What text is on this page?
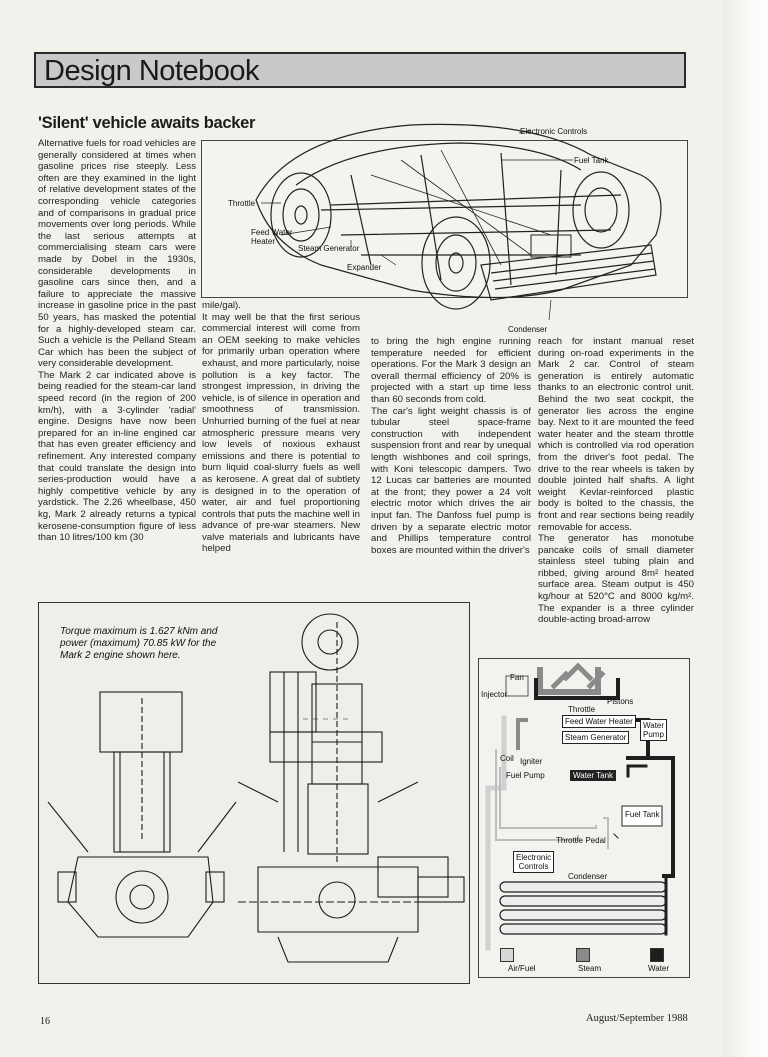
Design Notebook
'Silent' vehicle awaits backer
Alternative fuels for road vehicles are generally considered at times when gasoline prices rise steeply. Less often are they examined in the light of relative development states of the corresponding vehicle categories and of comparisons in gradual price movements over long periods. While the last serious attempts at commercialising steam cars were made by Dobel in the 1930s, considerable developments in gasoline cars since then, and a failure to appreciate the massive increase in gasoline price in the past 50 years, has masked the potential for a highly-developed steam car. Such a vehicle is the Pelland Steam Car which has been the subject of very considerable development.
The Mark 2 car indicated above is being readied for the steam-car land speed record (in the region of 200 km/h), with a 3-cylinder 'radial' engine. Designs have now been prepared for an in-line engined car that has even greater efficiency and refinement. Any interested company that could translate the design into series-production would have a highly competitive vehicle by any yardstick. The 2.26 wheelbase, 450 kg, Mark 2 already returns a typical kerosene-consumption figure of less than 10 litres/100 km (30
Electronic Controls
Fuel Tank
Throttle
Feed Water
Heater
Steam Generator
Expander
Condenser
mile/gal).
It may well be that the first serious commercial interest will come from an OEM seeking to make vehicles for primarily urban operation where exhaust, and more particularly, noise pollution is a key factor. The strongest impression, in driving the vehicle, is of silence in operation and smoothness of transmission. Unhurried burning of the fuel at near atmospheric pressure means very low levels of noxious exhaust emissions and there is potential to burn liquid coal-slurry fuels as well as kerosene. A great dal of subtlety is designed in to the operation of water, air and fuel proportioning controls that puts the machine well in advance of pre-war steamers. New valve materials and lubricants have helped
to bring the high engine running temperature needed for efficient operations. For the Mark 3 design an overall thermal efficiency of 20% is projected with a start up time less than 60 seconds from cold.
The car's light weight chassis is of tubular steel space-frame construction with independent suspension front and rear by unequal length wishbones and coil springs, with Koni telescopic dampers. Two 12 Lucas car batteries are mounted at the front; they power a 24 volt electric motor which drives the air input fan. The Danfoss fuel pump is driven by a separate electric motor and Phillips temperature control boxes are mounted within the driver's
reach for instant manual reset during on-road experiments in the Mark 2 car. Control of steam generation is entirely automatic thanks to an electronic control unit. Behind the two seat cockpit, the generator lies across the engine bay. Next to it are mounted the feed water heater and the steam throttle which is controlled via rod operation from the driver's foot pedal. The drive to the rear wheels is taken by double jointed half shafts. A light weight Kevlar-reinforced plastic body is bolted to the chassis, the front and rear sections being readily removable for access.
The generator has monotube pancake coils of small diameter stainless steel tubing plain and ribbed, giving around 8m² heated surface area. Steam output is 450 kg/hour at 520°C and 8000 kg/m². The expander is a three cylinder double-acting broad-arrow
Torque maximum is 1.627 kNm and power (maximum) 70.85 kW for the Mark 2 engine shown here.
Fan
Injector
Throttle
Pistons
Feed Water Heater	Water
Pump
Steam Generator
Coil Igniter
Fuel Pump	Water Tank
Fuel Tank
Throttle Pedal
Electronic
Controls
Condenser
Air/Fuel	Steam	Water
16	August/September 1988
